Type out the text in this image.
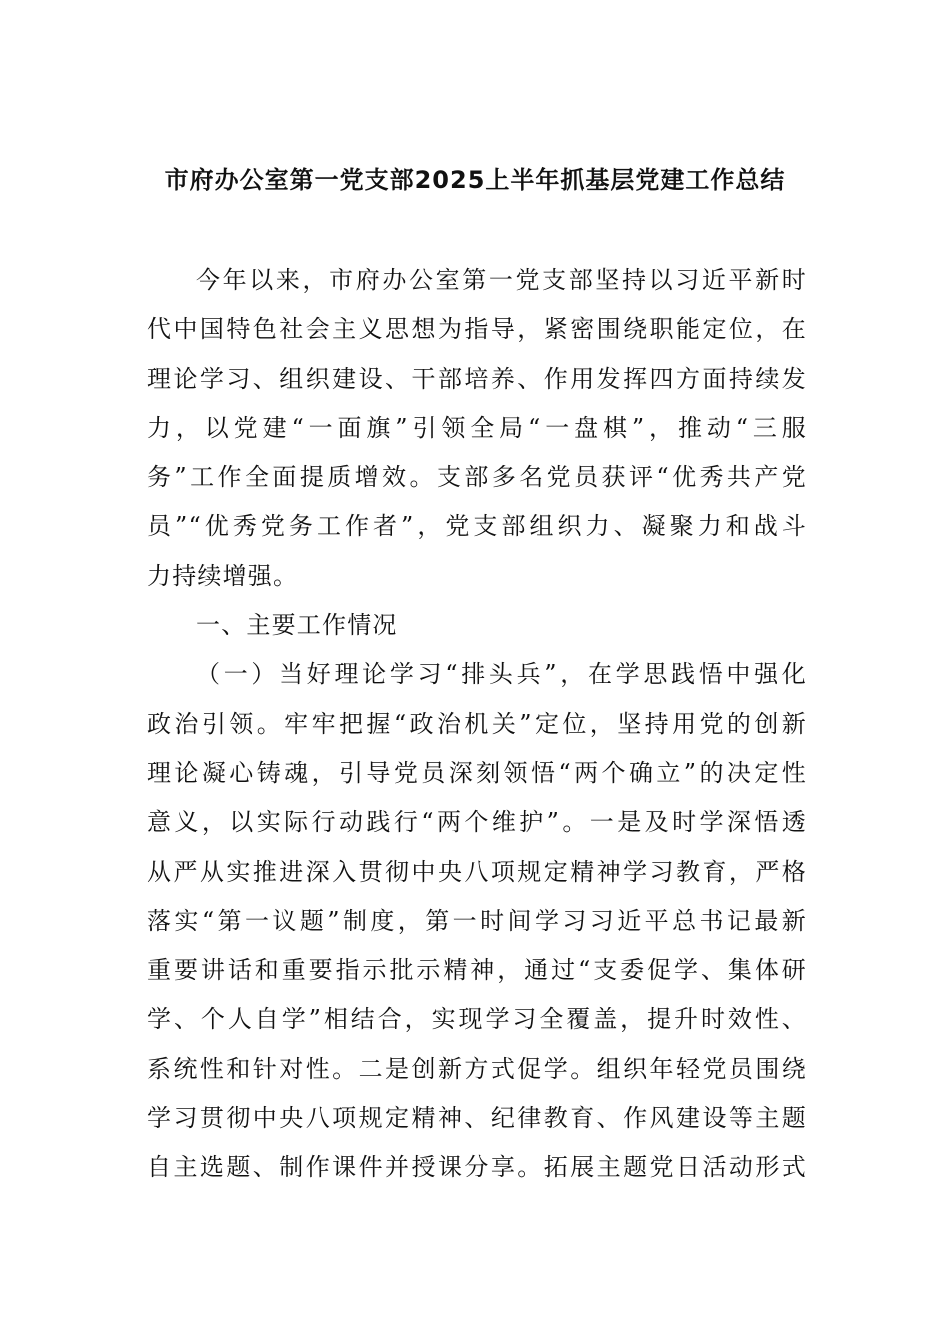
市府办公室第一党支部2025上半年抓基层党建工作总结
今年以来，市府办公室第一党支部坚持以习近平新时
代中国特色社会主义思想为指导，紧密围绕职能定位，在
理论学习、组织建设、干部培养、作用发挥四方面持续发
力，以党建“一面旗”引领全局“一盘棋”，推动“三服
务”工作全面提质增效。支部多名党员获评“优秀共产党
员”“优秀党务工作者”，党支部组织力、凝聚力和战斗
力持续增强。
一、主要工作情况
（一）当好理论学习“排头兵”，在学思践悟中强化
政治引领。牢牢把握“政治机关”定位，坚持用党的创新
理论凝心铸魂，引导党员深刻领悟“两个确立”的决定性
意义，以实际行动践行“两个维护”。一是及时学深悟透
从严从实推进深入贯彻中央八项规定精神学习教育，严格
落实“第一议题”制度，第一时间学习习近平总书记最新
重要讲话和重要指示批示精神，通过“支委促学、集体研
学、个人自学”相结合，实现学习全覆盖，提升时效性、
系统性和针对性。二是创新方式促学。组织年轻党员围绕
学习贯彻中央八项规定精神、纪律教育、作风建设等主题
自主选题、制作课件并授课分享。拓展主题党日活动形式
